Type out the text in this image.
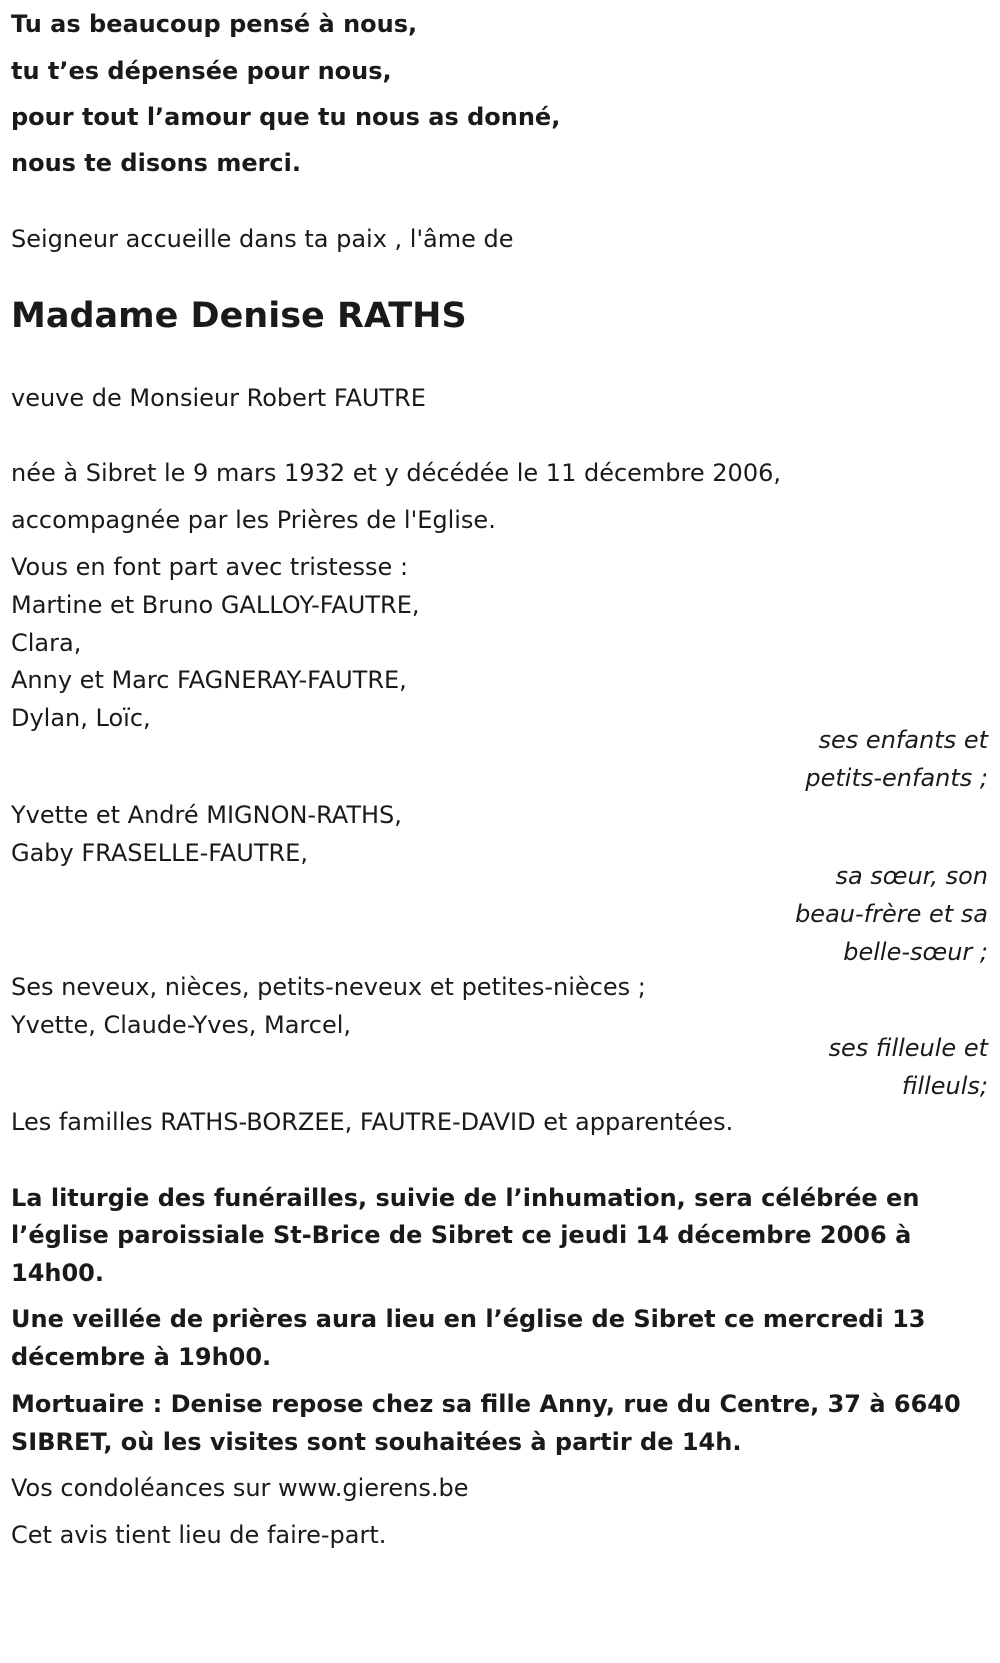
Tu as beaucoup pensé à nous,
tu t’es dépensée pour nous,
pour tout l’amour que tu nous as donné,
nous te disons merci.
Seigneur accueille dans ta paix , l'âme de
Madame Denise RATHS
veuve de Monsieur Robert FAUTRE
née à Sibret le 9 mars 1932 et y décédée le 11 décembre 2006,
accompagnée par les Prières de l'Eglise.
Vous en font part avec tristesse :
Martine et Bruno GALLOY-FAUTRE,
Clara,
Anny et Marc FAGNERAY-FAUTRE,
Dylan, Loïc,
ses enfants et
petits-enfants ;
Yvette et André MIGNON-RATHS,
Gaby FRASELLE-FAUTRE,
sa sœur, son
beau-frère et sa
belle-sœur ;
Ses neveux, nièces, petits-neveux et petites-nièces ;
Yvette, Claude-Yves, Marcel,
ses filleule et
filleuls;
Les familles RATHS-BORZEE, FAUTRE-DAVID et apparentées.
La liturgie des funérailles, suivie de l’inhumation, sera célébrée en
l’église paroissiale St-Brice de Sibret ce jeudi 14 décembre 2006 à
14h00.
Une veillée de prières aura lieu en l’église de Sibret ce mercredi 13
décembre à 19h00.
Mortuaire : Denise repose chez sa fille Anny, rue du Centre, 37 à 6640
SIBRET, où les visites sont souhaitées à partir de 14h.
Vos condoléances sur www.gierens.be
Cet avis tient lieu de faire-part.
